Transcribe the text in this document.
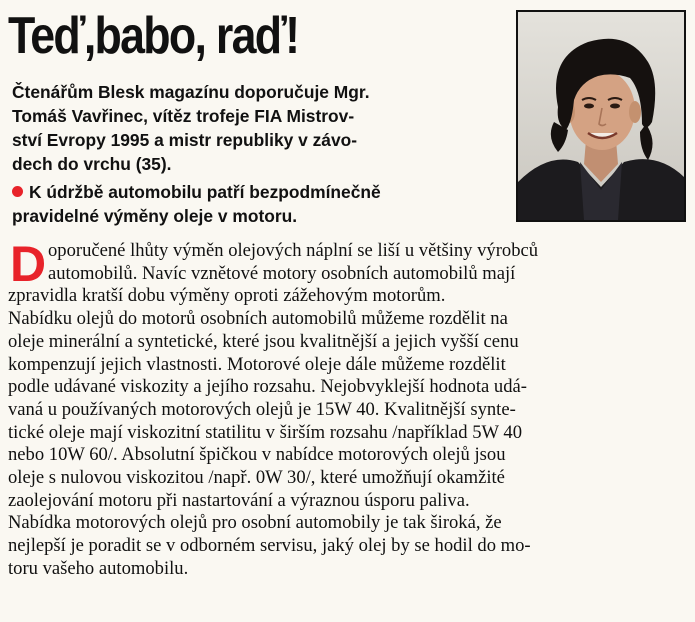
Teď,babo, raď!
Čtenářům Blesk magazínu doporučuje Mgr.
Tomáš Vavřinec, vítěz trofeje FIA Mistrov-
ství Evropy 1995 a mistr republiky v závo-
dech do vrchu (35).
K údržbě automobilu patří bezpodmínečně
pravidelné výměny oleje v motoru.
D oporučené lhůty výměn olejových náplní se liší u většiny výrobců
automobilů. Navíc vznětové motory osobních automobilů mají
zpravidla kratší dobu výměny oproti zážehovým motorům.
Nabídku olejů do motorů osobních automobilů můžeme rozdělit na
oleje minerální a syntetické, které jsou kvalitnější a jejich vyšší cenu
kompenzují jejich vlastnosti. Motorové oleje dále můžeme rozdělit
podle udávané viskozity a jejího rozsahu. Nejobvyklejší hodnota udá-
vaná u používaných motorových olejů je 15W 40. Kvalitnější synte-
tické oleje mají viskozitní statilitu v širším rozsahu /například 5W 40
nebo 10W 60/. Absolutní špičkou v nabídce motorových olejů jsou
oleje s nulovou viskozitou /např. 0W 30/, které umožňují okamžité
zaolejování motoru při nastartování a výraznou úsporu paliva.
Nabídka motorových olejů pro osobní automobily je tak široká, že
nejlepší je poradit se v odborném servisu, jaký olej by se hodil do mo-
toru vašeho automobilu.
